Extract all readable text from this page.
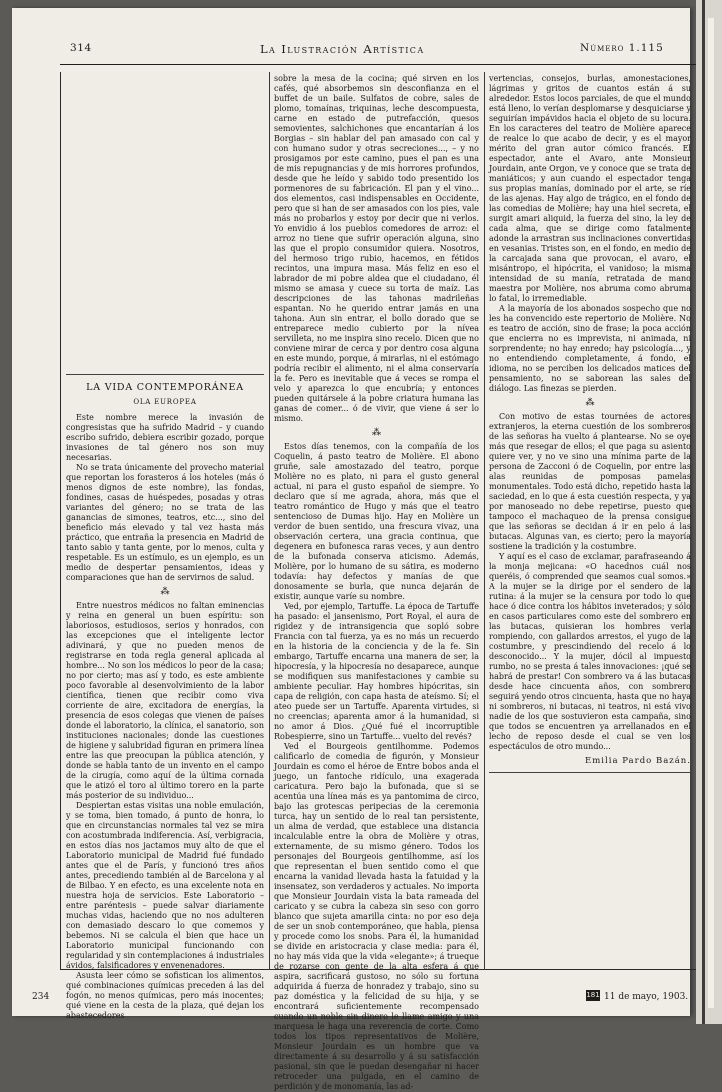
314	La Ilustración Artística	Número 1.115
LA VIDA CONTEMPORÁNEA
OLA EUROPEA

Este nombre merece la invasión de congresistas que ha sufrido Madrid – y cuando escribo sufrido, debiera escribir gozado, porque invasiones de tal género nos son muy necesarias.

No se trata únicamente del provecho material que reportan los forasteros á los hoteles (más ó menos dignos de este nombre), las fondas, fondines, casas de huéspedes, posadas y otras variantes del género; no se trata de las ganancias de simones, teatros, etc..., sino del beneficio más elevado y tal vez hasta más práctico, que entraña la presencia en Madrid de tanto sabio y tanta gente, por lo menos, culta y respetable. Es un estímulo, es un ejemplo, es un medio de despertar pensamientos, ideas y comparaciones que han de servirnos de salud.

⁂

Entre nuestros médicos no faltan eminencias y reina en general un buen espíritu: son laboriosos, estudiosos, serios y honrados, con las excepciones que el inteligente lector adivinará, y que no pueden menos de registrarse en toda regla general aplicada al hombre... No son los médicos lo peor de la casa; no por cierto; mas así y todo, es este ambiente poco favorable al desenvolvimiento de la labor científica, tienen que recibir como viva corriente de aire, excitadora de energías, la presencia de esos colegas que vienen de países donde el laboratorio, la clínica, el sanatorio, son instituciones nacionales; donde las cuestiones de higiene y salubridad figuran en primera línea entre las que preocupan la pública atención, y donde se habla tanto de un invento en el campo de la cirugía, como aquí de la última cornada que le atizó el toro al último torero en la parte más posterior de su individuo...

Despiertan estas visitas una noble emulación, y se toma, bien tomado, á punto de honra, lo que en circunstancias normales tal vez se mira con acostumbrada indiferencia. Así, verbigracia, en estos días nos jactamos muy alto de que el Laboratorio municipal de Madrid fué fundado antes que el de París, y funcionó tres años antes, precediendo también al de Barcelona y al de Bilbao. Y en efecto, es una excelente nota en nuestra hoja de servicios. Este Laboratorio – entre paréntesis – puede salvar diariamente muchas vidas, haciendo que no nos adulteren con demasiado descaro lo que comemos y bebemos. Ni se calcula el bien que hace un Laboratorio municipal funcionando con regularidad y sin contemplaciones á industriales ávidos, falsificadores y envenenadores.

Asusta leer cómo se sofistican los alimentos, qué combinaciones químicas preceden á las del fogón, no menos químicas, pero más inocentes; qué viene en la cesta de la plaza, qué dejan los abastecedores

sobre la mesa de la cocina; qué sirven en los cafés, qué absorbemos sin desconfianza en el buffet de un baile. Sulfatos de cobre, sales de plomo, tomaínas, triquinas, leche descompuesta, carne en estado de putrefacción, quesos semovientes, salchichones que encantarían á los Borgias – sin hablar del pan amasado con cal y con humano sudor y otras secreciones..., – y no prosigamos por este camino, pues el pan es una de mis repugnancias y de mis horrores profundos, desde que he leído y sabido todo presentido los pormenores de su fabricación. El pan y el vino... dos elementos, casi indispensables en Occidente, pero que si han de ser amasados con los pies, vale más no probarlos y estoy por decir que ni verlos. Yo envidio á los pueblos comedores de arroz: el arroz no tiene que sufrir operación alguna, sino las que el propio consumidor quiera. Nosotros, del hermoso trigo rubio, hacemos, en fétidos recintos, una impura masa. Más feliz en eso el labrador de mi pobre aldea que el ciudadano, él mismo se amasa y cuece su torta de maíz. Las descripciones de las tahonas madrileñas espantan. No he querido entrar jamás en una tahona. Aun sin entrar, el bollo dorado que se entreparece medio cubierto por la nívea servilleta, no me inspira sino recelo. Dicen que no conviene mirar de cerca y por dentro cosa alguna en este mundo, porque, á mirarlas, ni el estómago podría recibir el alimento, ni el alma conservaría la fe. Pero es inevitable que á veces se rompa el velo y aparezca lo que encubría; y entonces pueden quitársele á la pobre criatura humana las ganas de comer... ó de vivir, que viene á ser lo mismo.

⁂

Estos días tenemos, con la compañía de los Coquelin, á pasto teatro de Molière. El abono gruñe, sale amostazado del teatro, porque Molière no es plato, ni para el gusto general actual, ni para el gusto español de siempre. Yo declaro que sí me agrada, ahora, más que el teatro romántico de Hugo y más que el teatro sentencioso de Dumas hijo. Hay en Molière un verdor de buen sentido, una frescura vivaz, una observación certera, una gracia continua, que degenera en bufonesca raras veces, y aun dentro de la bufonada conserva aticismo. Además, Molière, por lo humano de su sátira, es moderno todavía: hay defectos y manías de que donosamente se burla, que nunca dejarán de existir, aunque varíe su nombre.

Ved, por ejemplo, Tartuffe. La época de Tartuffe ha pasado: el jansenismo, Port Royal, el aura de rigidez y de intransigencia que sopló sobre Francia con tal fuerza, ya es no más un recuerdo en la historia de la conciencia y de la fe. Sin embargo, Tartuffe encarna una manera de ser, la hipocresía, y la hipocresía no desaparece, aunque se modifiquen sus manifestaciones y cambie su ambiente peculiar. Hay hombres hipócritas, sin capa de religión, con capa hasta de ateísmo. Sí; el ateo puede ser un Tartuffe. Aparenta virtudes, si no creencias; aparenta amor á la humanidad, si no amor á Dios. ¿Qué fué el incorruptible Robespierre, sino un Tartuffe... vuelto del revés?

Ved el Bourgeois gentilhomme. Podemos calificarlo de comedia de figurón, y Monsieur Jourdain es como el héroe de Entre bobos anda el juego, un fantoche ridículo, una exagerada caricatura. Pero bajo la bufonada, que si se acentúa una línea más es ya pantomima de circo, bajo las grotescas peripecias de la ceremonia turca, hay un sentido de lo real tan persistente, un alma de verdad, que establece una distancia incalculable entre la obra de Molière y otras, externamente, de su mismo género. Todos los personajes del Bourgeois gentilhomme, así los que representan el buen sentido como el que encarna la vanidad llevada hasta la fatuidad y la insensatez, son verdaderos y actuales. No importa que Monsieur Jourdain vista la bata rameada del caricato y se cubra la cabeza sin seso con gorro blanco que sujeta amarilla cinta: no por eso deja de ser un snob contemporáneo, que habla, piensa y procede como los snobs. Para él, la humanidad se divide en aristocracia y clase media: para él, no hay más vida que la vida «elegante»; á trueque de rozarse con gente de la alta esfera á que aspira, sacrificará gustoso, no sólo su fortuna adquirida á fuerza de honradez y trabajo, sino su paz doméstica y la felicidad de su hija, y se encontrará suficientemente recompensado cuando un noble sin dinero le llame amigo y una marquesa le haga una reverencia de corte. Como todos los tipos representativos de Molière, Monsieur Jourdain es un hombre que va directamente á su desarrollo y á su satisfacción pasional, sin que le puedan desengañar ni hacer retroceder una pulgada, en el camino de perdición y de monomanía, las ad-

vertencias, consejos, burlas, amonestaciones, lágrimas y gritos de cuantos están á su alrededor. Estos locos parciales, de que el mundo está lleno, lo verían desplomarse y desquiciarse y seguirían impávidos hacia el objeto de su locura. En los caracteres del teatro de Molière aparece de realce lo que acabo de decir, y es el mayor mérito del gran autor cómico francés. El espectador, ante el Avaro, ante Monsieur Jourdain, ante Orgon, ve y conoce que se trata de maniáticos; y aun cuando el espectador tenga sus propias manías, dominado por el arte, se ríe de las ajenas. Hay algo de trágico, en el fondo de las comedias de Molière; hay una hiel secreta, el surgit amari aliquid, la fuerza del sino, la ley de cada alma, que se dirige como fatalmente adonde la arrastran sus inclinaciones convertidas en vesanias. Tristes son, en el fondo, en medio de la carcajada sana que provocan, el avaro, el misántropo, el hipócrita, el vanidoso; la misma intensidad de su manía, retratada de mano maestra por Molière, nos abruma como abruma lo fatal, lo irremediable.

A la mayoría de los abonados sospecho que no les ha convencido este repertorio de Molière. No es teatro de acción, sino de frase; la poca acción que encierra no es imprevista, ni animada, ni sorprendente; no hay enredo; hay psicología..., y no entendiendo completamente, á fondo, el idioma, no se perciben los delicados matices del pensamiento, no se saborean las sales del diálogo. Las finezas se pierden.

⁂

Con motivo de estas tournées de actores extranjeros, la eterna cuestión de los sombreros de las señoras ha vuelto á plantearse. No se oye más que resegar de ellos; el que paga su asiento quiere ver, y no ve sino una mínima parte de la persona de Zacconi ó de Coquelin, por entre las alas reunidas de pomposas pamelas monumentales. Todo está dicho, repetido hasta la saciedad, en lo que á esta cuestión respecta, y ya por manoseado no debe repetirse, puesto que tampoco el machaqueo de la prensa consigue que las señoras se decidan á ir en pelo á las butacas. Algunas van, es cierto; pero la mayoría sostiene la tradición y la costumbre.

Y aquí es el caso de exclamar, parafraseando á la monja mejicana: «O hacednos cuál nos queréis, ó comprended que seamos cual somos.» A la mujer se la dirige por el sendero de la rutina: á la mujer se la censura por todo lo que hace ó dice contra los hábitos inveterados; y sólo en casos particulares como este del sombrero en las butacas, quisieran los hombres verla rompiendo, con gallardos arrestos, el yugo de la costumbre, y prescindiendo del recelo á lo desconocido... Y la mujer, dócil al impuesto rumbo, no se presta á tales innovaciones: ¡qué se habrá de prestar! Con sombrero va á las butacas desde hace cincuenta años, con sombrero seguirá yendo otros cincuenta, hasta que no haya ni sombreros, ni butacas, ni teatros, ni está vivo nadie de los que sostuvieron esta campaña, sino que todos se encuentren ya arrellanados en el lecho de reposo desde el cual se ven los espectáculos de otro mundo...

Emilia Pardo Bazán.
234	181 11 de mayo, 1903.
